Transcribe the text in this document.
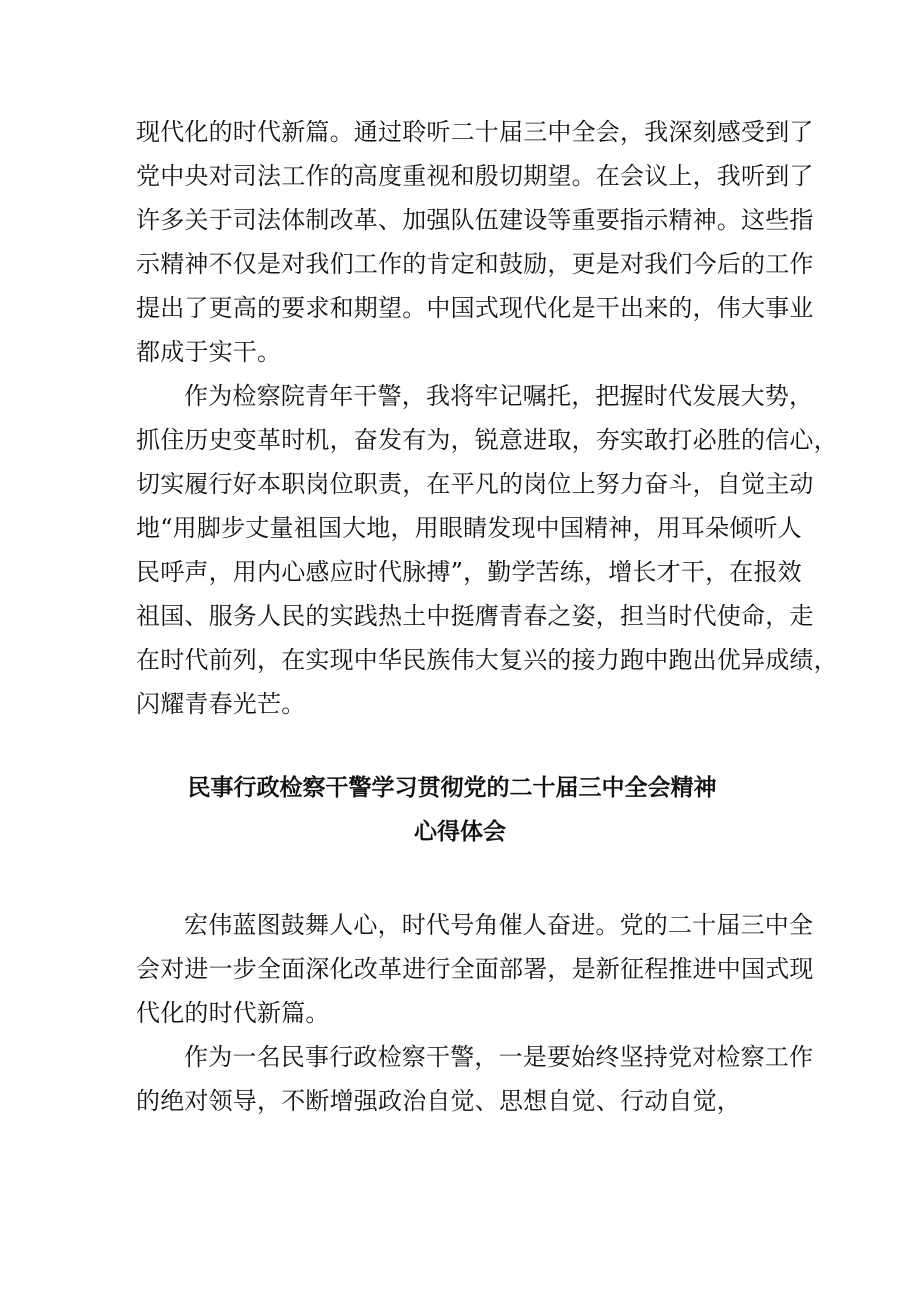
现代化的时代新篇。通过聆听二十届三中全会，我深刻感受到了
党中央对司法工作的高度重视和殷切期望。在会议上，我听到了
许多关于司法体制改革、加强队伍建设等重要指示精神。这些指
示精神不仅是对我们工作的肯定和鼓励，更是对我们今后的工作
提出了更高的要求和期望。中国式现代化是干出来的，伟大事业
都成于实干。
作为检察院青年干警，我将牢记嘱托，把握时代发展大势，
抓住历史变革时机，奋发有为，锐意进取，夯实敢打必胜的信心，
切实履行好本职岗位职责，在平凡的岗位上努力奋斗，自觉主动
地“用脚步丈量祖国大地，用眼睛发现中国精神，用耳朵倾听人
民呼声，用内心感应时代脉搏”，勤学苦练，增长才干，在报效
祖国、服务人民的实践热土中挺膺青春之姿，担当时代使命，走
在时代前列，在实现中华民族伟大复兴的接力跑中跑出优异成绩，
闪耀青春光芒。
民事行政检察干警学习贯彻党的二十届三中全会精神
心得体会
宏伟蓝图鼓舞人心，时代号角催人奋进。党的二十届三中全
会对进一步全面深化改革进行全面部署，是新征程推进中国式现
代化的时代新篇。
作为一名民事行政检察干警，一是要始终坚持党对检察工作
的绝对领导，不断增强政治自觉、思想自觉、行动自觉，
